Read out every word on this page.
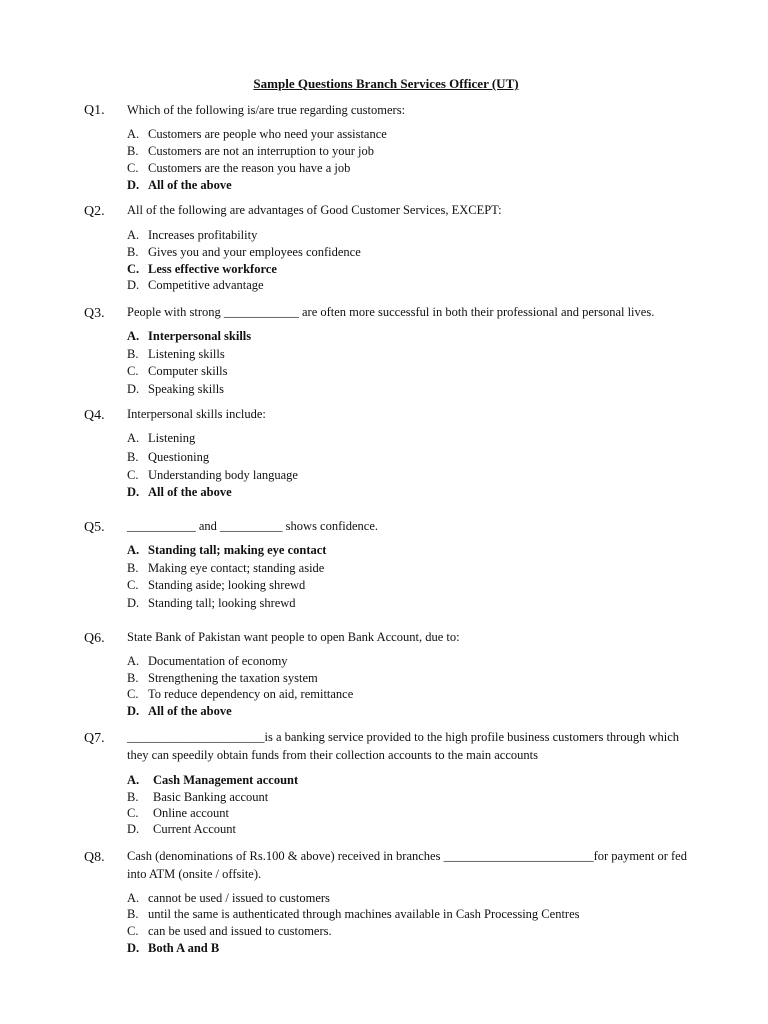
Sample Questions Branch Services Officer (UT)
Q1. Which of the following is/are true regarding customers:
A. Customers are people who need your assistance
B. Customers are not an interruption to your job
C. Customers are the reason you have a job
D. All of the above
Q2. All of the following are advantages of Good Customer Services, EXCEPT:
A. Increases profitability
B. Gives you and your employees confidence
C. Less effective workforce
D. Competitive advantage
Q3. People with strong ____________ are often more successful in both their professional and personal lives.
A. Interpersonal skills
B. Listening skills
C. Computer skills
D. Speaking skills
Q4. Interpersonal skills include:
A. Listening
B. Questioning
C. Understanding body language
D. All of the above
Q5. ___________ and __________ shows confidence.
A. Standing tall; making eye contact
B. Making eye contact; standing aside
C. Standing aside; looking shrewd
D. Standing tall; looking shrewd
Q6. State Bank of Pakistan want people to open Bank Account, due to:
A. Documentation of economy
B. Strengthening the taxation system
C. To reduce dependency on aid, remittance
D. All of the above
Q7. ______________________is a banking service provided to the high profile business customers through which they can speedily obtain funds from their collection accounts to the main accounts
A. Cash Management account
B. Basic Banking account
C. Online account
D. Current Account
Q8. Cash (denominations of Rs.100 & above) received in branches ________________________for payment or fed into ATM (onsite / offsite).
A. cannot be used / issued to customers
B. until the same is authenticated through machines available in Cash Processing Centres
C. can be used and issued to customers.
D. Both A and B
